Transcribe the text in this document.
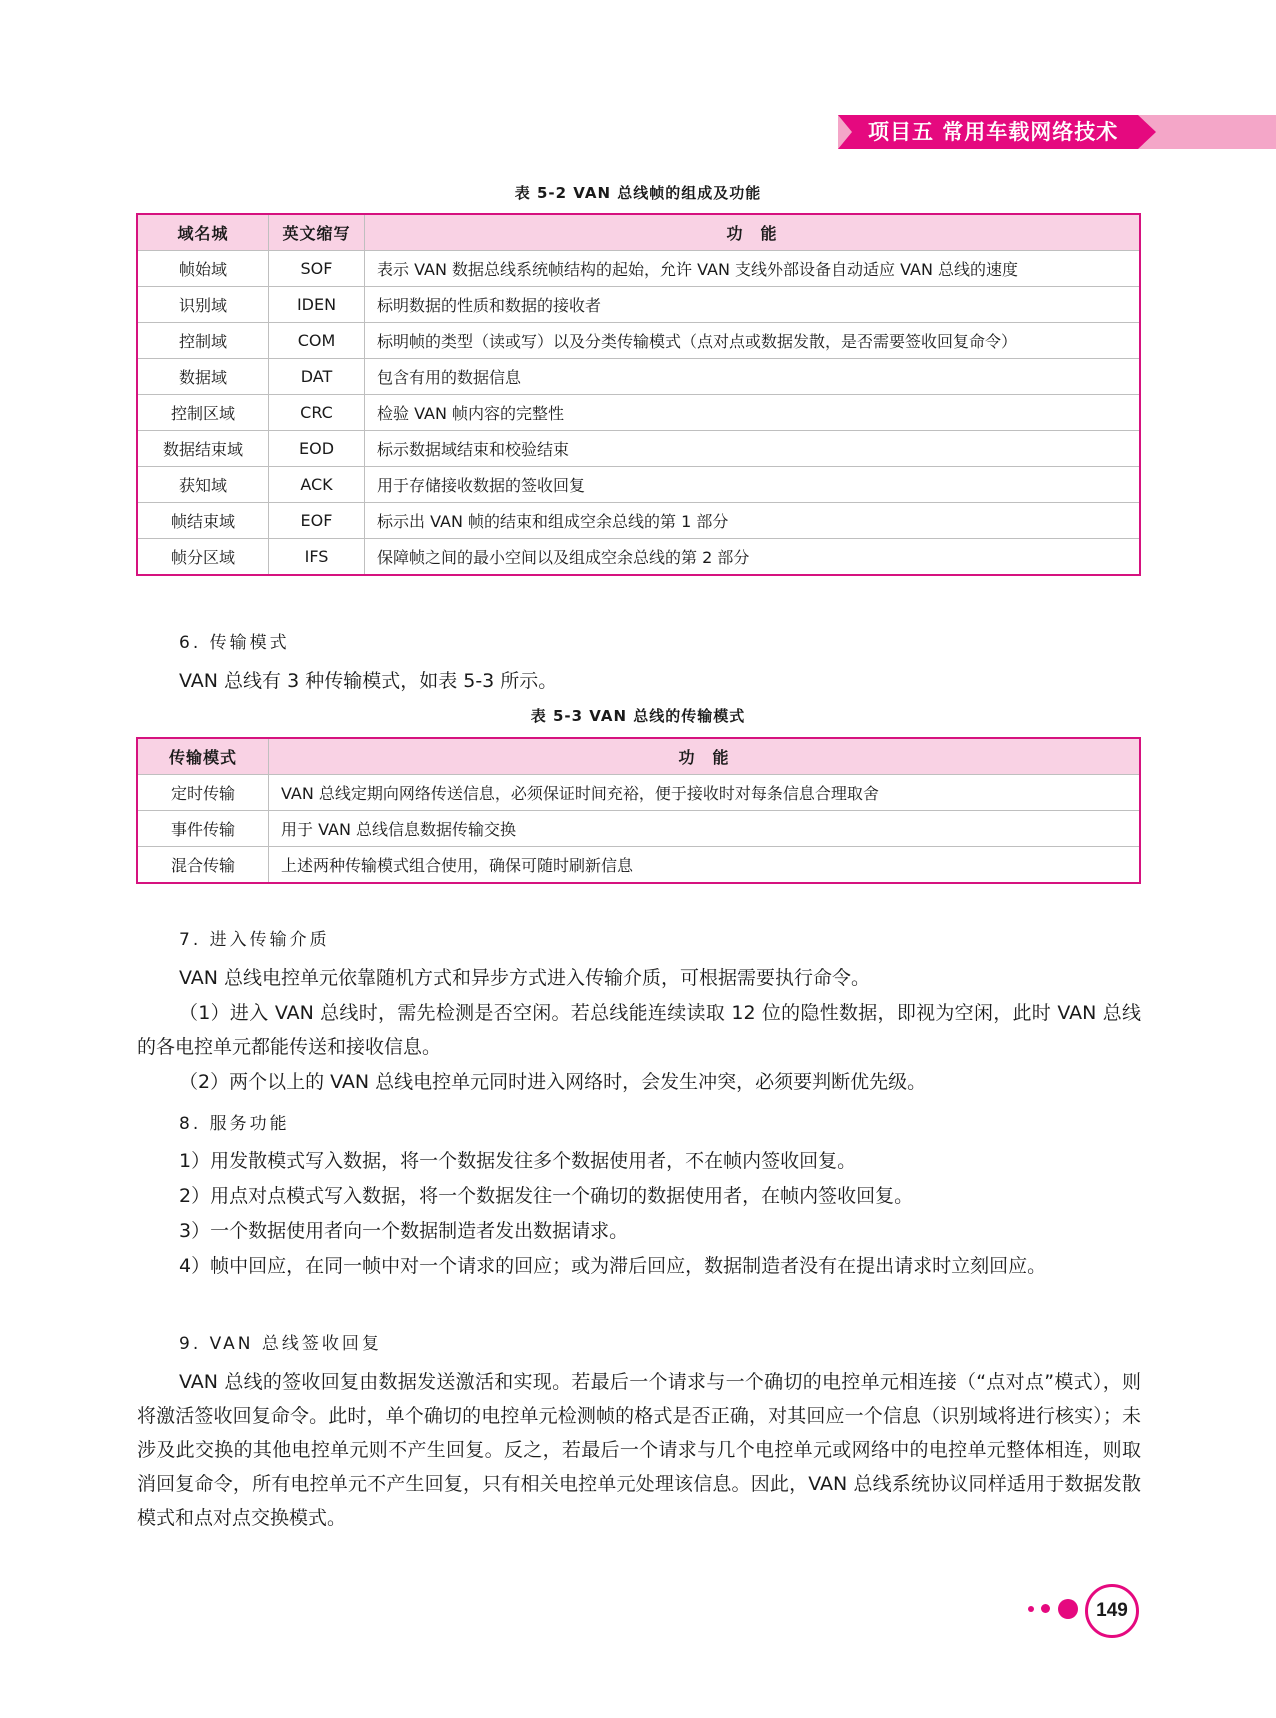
项目五 常用车载网络技术
表 5-2 VAN 总线帧的组成及功能
域名城	英文缩写	功　能
帧始域	SOF	表示 VAN 数据总线系统帧结构的起始，允许 VAN 支线外部设备自动适应 VAN 总线的速度
识别域	IDEN	标明数据的性质和数据的接收者
控制域	COM	标明帧的类型（读或写）以及分类传输模式（点对点或数据发散，是否需要签收回复命令）
数据域	DAT	包含有用的数据信息
控制区域	CRC	检验 VAN 帧内容的完整性
数据结束域	EOD	标示数据域结束和校验结束
获知域	ACK	用于存储接收数据的签收回复
帧结束域	EOF	标示出 VAN 帧的结束和组成空余总线的第 1 部分
帧分区域	IFS	保障帧之间的最小空间以及组成空余总线的第 2 部分
6. 传输模式
VAN 总线有 3 种传输模式，如表 5-3 所示。
表 5-3 VAN 总线的传输模式
传输模式	功　能
定时传输	VAN 总线定期向网络传送信息，必须保证时间充裕，便于接收时对每条信息合理取舍
事件传输	用于 VAN 总线信息数据传输交换
混合传输	上述两种传输模式组合使用，确保可随时刷新信息
7. 进入传输介质
VAN 总线电控单元依靠随机方式和异步方式进入传输介质，可根据需要执行命令。
（1）进入 VAN 总线时，需先检测是否空闲。若总线能连续读取 12 位的隐性数据，即视为空闲，此时 VAN 总线的各电控单元都能传送和接收信息。
（2）两个以上的 VAN 总线电控单元同时进入网络时，会发生冲突，必须要判断优先级。
8. 服务功能
1）用发散模式写入数据，将一个数据发往多个数据使用者，不在帧内签收回复。
2）用点对点模式写入数据，将一个数据发往一个确切的数据使用者，在帧内签收回复。
3）一个数据使用者向一个数据制造者发出数据请求。
4）帧中回应，在同一帧中对一个请求的回应；或为滞后回应，数据制造者没有在提出请求时立刻回应。
9. VAN 总线签收回复
VAN 总线的签收回复由数据发送激活和实现。若最后一个请求与一个确切的电控单元相连接（“点对点”模式），则将激活签收回复命令。此时，单个确切的电控单元检测帧的格式是否正确，对其回应一个信息（识别域将进行核实）；未涉及此交换的其他电控单元则不产生回复。反之，若最后一个请求与几个电控单元或网络中的电控单元整体相连，则取消回复命令，所有电控单元不产生回复，只有相关电控单元处理该信息。因此，VAN 总线系统协议同样适用于数据发散模式和点对点交换模式。
149
